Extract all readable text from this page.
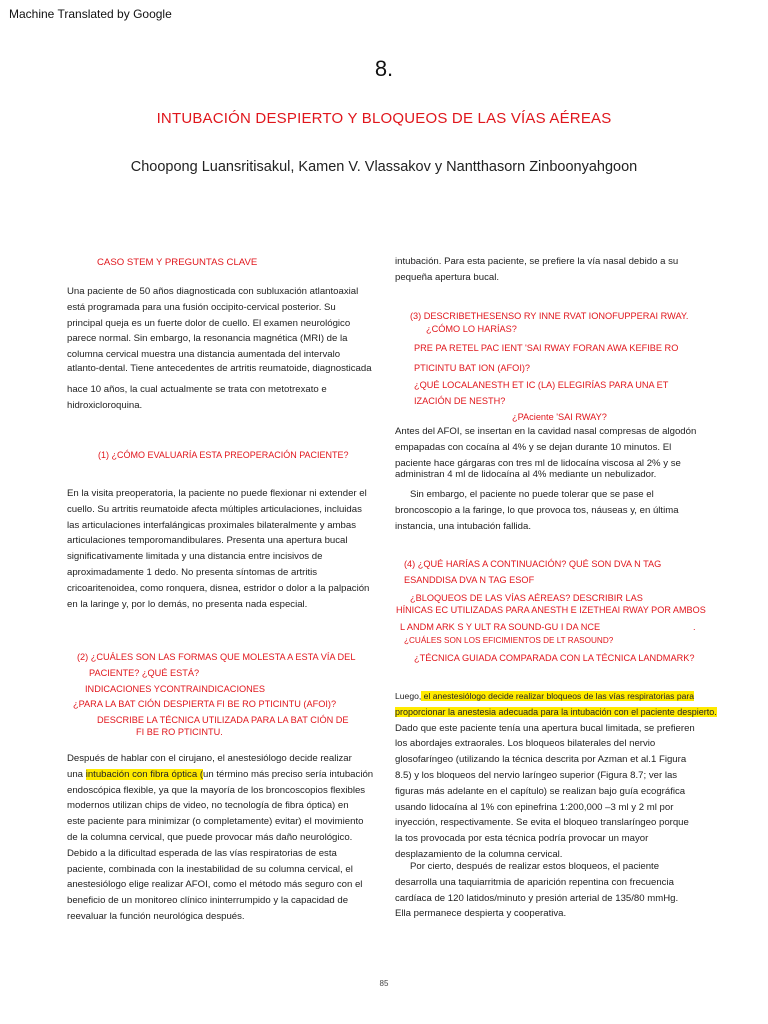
Machine Translated by Google
8.
INTUBACIÓN DESPIERTO Y BLOQUEOS DE LAS VÍAS AÉREAS
Choopong Luansritisakul, Kamen V. Vlassakov y Nantthasorn Zinboonyahgoon
CASO STEM Y PREGUNTAS CLAVE
Una paciente de 50 años diagnosticada con subluxación atlantoaxial
está programada para una fusión occipito-cervical posterior. Su
principal queja es un fuerte dolor de cuello. El examen neurológico
parece normal. Sin embargo, la resonancia magnética (MRI) de la
columna cervical muestra una distancia aumentada del intervalo
atlanto-dental. Tiene antecedentes de artritis reumatoide, diagnosticada
hace 10 años, la cual actualmente se trata con metotrexato e
hidroxicloroquina.
(1) ¿CÓMO EVALUARÍA ESTA PREOPERACIÓN PACIENTE?
En la visita preoperatoria, la paciente no puede flexionar ni extender el
cuello. Su artritis reumatoide afecta múltiples articulaciones, incluidas
las articulaciones interfalángicas proximales bilateralmente y ambas
articulaciones temporomandibulares. Presenta una apertura bucal
significativamente limitada y una distancia entre incisivos de
aproximadamente 1 dedo. No presenta síntomas de artritis
cricoaritenoidea, como ronquera, disnea, estridor o dolor a la palpación
en la laringe y, por lo demás, no presenta nada especial.
(2) ¿CUÁLES SON LAS FORMAS QUE MOLESTA A ESTA VÍA DEL
PACIENTE? ¿QUÉ ESTÁ?
INDICACIONES YCONTRAINDICACIONES
¿PARA LA BAT CIÓN DESPIERTA FI BE RO PTICINTU (AFOI)?
DESCRIBE LA TÉCNICA UTILIZADA PARA LA BAT CIÓN DE
FI BE RO PTICINTU.
Después de hablar con el cirujano, el anestesiólogo decide realizar
una intubación con fibra óptica (un término más preciso sería intubación
endoscópica flexible, ya que la mayoría de los broncoscopios flexibles
modernos utilizan chips de video, no tecnología de fibra óptica) en
este paciente para minimizar (o completamente) evitar) el movimiento
de la columna cervical, que puede provocar más daño neurológico.
Debido a la dificultad esperada de las vías respiratorias de esta
paciente, combinada con la inestabilidad de su columna cervical, el
anestesiólogo elige realizar AFOI, como el método más seguro con el
beneficio de un monitoreo clínico ininterrumpido y la capacidad de
reevaluar la función neurológica después.
intubación. Para esta paciente, se prefiere la vía nasal debido a su
pequeña apertura bucal.
(3) DESCRIBETHESENSO RY INNE RVAT IONOFUPPERAI RWAY.
¿CÓMO LO HARÍAS?
PRE PA RETEL PAC IENT 'SAI RWAY FORAN AWA KEFIBE RO
PTICINTU BAT ION (AFOI)?
¿QUÉ LOCALANESTH ET IC (LA) ELEGIRÍAS PARA UNA ET
IZACIÓN DE NESTH?
¿PAciente 'SAI RWAY?
Antes del AFOI, se insertan en la cavidad nasal compresas de algodón
empapadas con cocaína al 4% y se dejan durante 10 minutos. El
paciente hace gárgaras con tres ml de lidocaína viscosa al 2% y se
administran 4 ml de lidocaína al 4% mediante un nebulizador.
Sin embargo, el paciente no puede tolerar que se pase el
broncoscopio a la faringe, lo que provoca tos, náuseas y, en última
instancia, una intubación fallida.
(4) ¿QUÉ HARÍAS A CONTINUACIÓN? QUÉ SON DVA N TAG
ESANDDISA DVA N TAG ESOF
¿BLOQUEOS DE LAS VÍAS AÉREAS? DESCRIBIR LAS
HÍNICAS EC UTILIZADAS PARA ANESTH E IZETHEAI RWAY POR AMBOS
L ANDM ARK S Y ULT RA SOUND-GU I DA NCE	.
¿CUÁLES SON LOS EFICIMIENTOS DE LT RASOUND?
¿TÉCNICA GUIADA COMPARADA CON LA TÉCNICA LANDMARK?
Luego, el anestesiólogo decide realizar bloqueos de las vías respiratorias para
proporcionar la anestesia adecuada para la intubación con el paciente despierto.
Dado que este paciente tenía una apertura bucal limitada, se prefieren
los abordajes extraorales. Los bloqueos bilaterales del nervio
glosofaríngeo (utilizando la técnica descrita por Azman et al.1 Figura
8.5) y los bloqueos del nervio laríngeo superior (Figura 8.7; ver las
figuras más adelante en el capítulo) se realizan bajo guía ecográfica
usando lidocaína al 1% con epinefrina 1:200,000 –3 ml y 2 ml por
inyección, respectivamente. Se evita el bloqueo translaríngeo porque
la tos provocada por esta técnica podría provocar un mayor
desplazamiento de la columna cervical.
Por cierto, después de realizar estos bloqueos, el paciente
desarrolla una taquiarritmia de aparición repentina con frecuencia
cardíaca de 120 latidos/minuto y presión arterial de 135/80 mmHg.
Ella permanece despierta y cooperativa.
85
